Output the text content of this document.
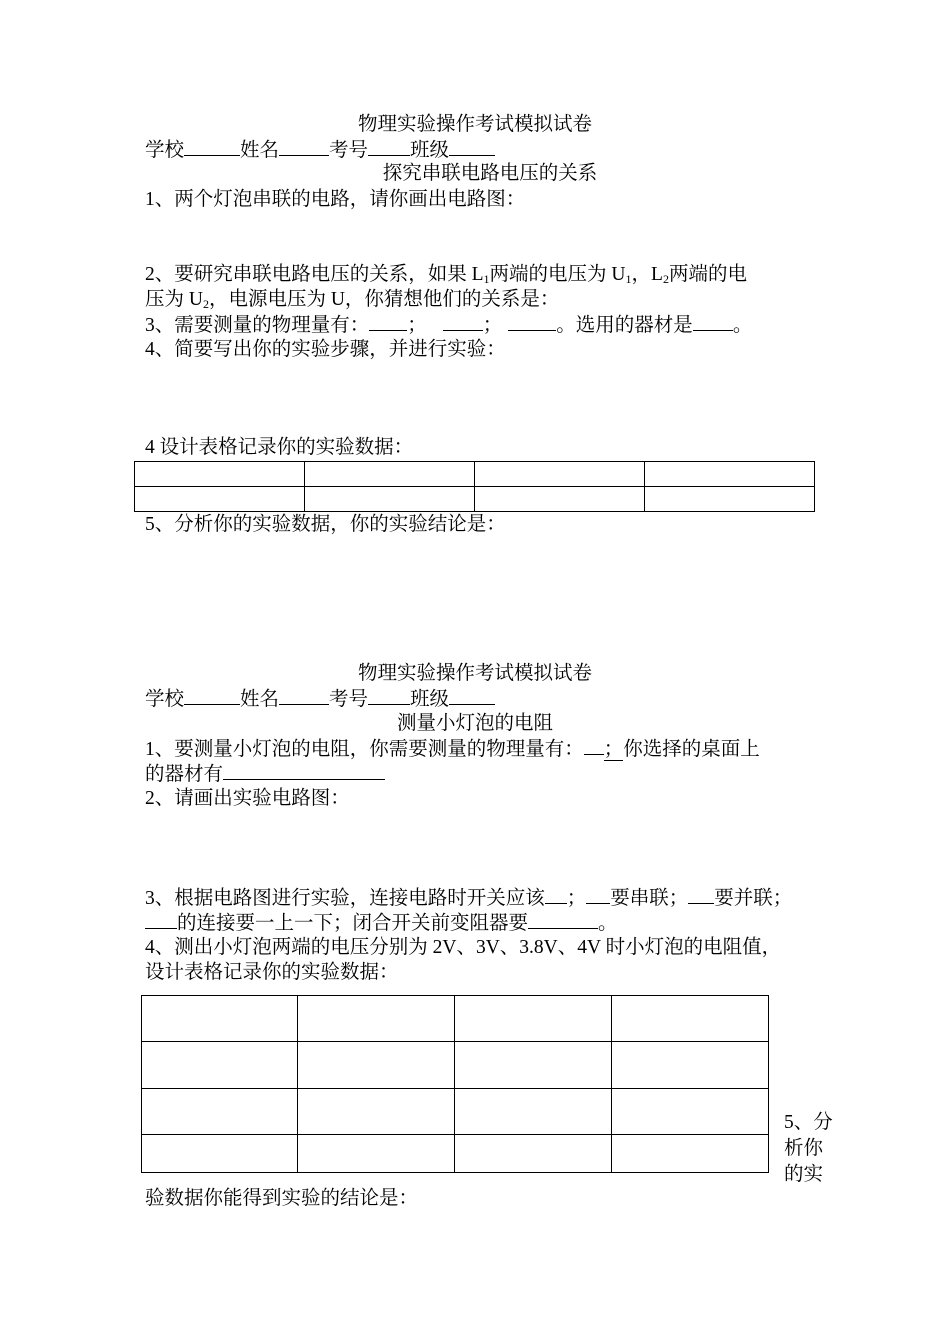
物理实验操作考试模拟试卷
学校	姓名	考号 班级
探究串联电路电压的关系
1、两个灯泡串联的电路，请你画出电路图：
2、要研究串联电路电压的关系，如果 $L_1$两端的电压为 $U_1$，$L_2$两端的电
压为 $U_2$，电源电压为 U，你猜想他们的关系是：
3、需要测量的物理量有： ；	；	。选用的器材是 。
4、简要写出你的实验步骤，并进行实验：
4 设计表格记录你的实验数据：

5、分析你的实验数据，你的实验结论是：
物理实验操作考试模拟试卷
学校	姓名	考号 班级
测量小灯泡的电阻
1、要测量小灯泡的电阻，你需要测量的物理量有： ；你选择的桌面上
的器材有
2、请画出实验电路图：
3、根据电路图进行实验，连接电路时开关应该 ； 要串联； 要并联；
的连接要一上一下；闭合开关前变阻器要	。
4、测出小灯泡两端的电压分别为 2V、3V、3.8V、4V 时小灯泡的电阻值，
设计表格记录你的实验数据：

5、分析你的实
验数据你能得到实验的结论是：
